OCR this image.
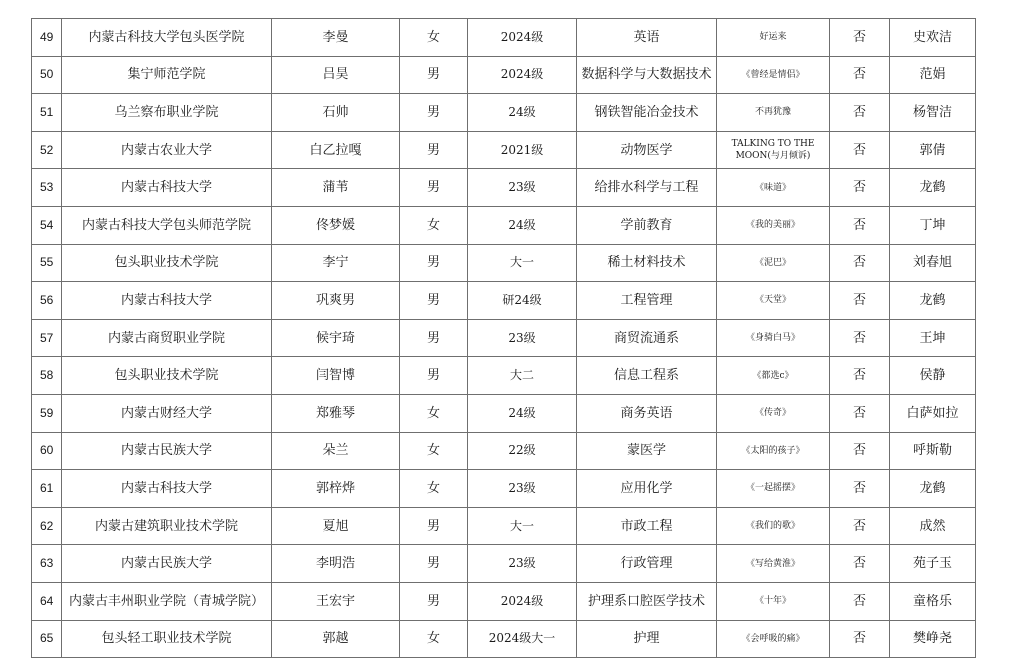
49	内蒙古科技大学包头医学院	李曼	女	2024级	英语	好运来	否	史欢洁
50	集宁师范学院	吕昊	男	2024级	数据科学与大数据技术	《曾经是情侣》	否	范娟
51	乌兰察布职业学院	石帅	男	24级	钢铁智能冶金技术	不再犹豫	否	杨智洁
52	内蒙古农业大学	白乙拉嘎	男	2021级	动物医学	TALKING TO THE MOON(与月倾诉)	否	郭倩
53	内蒙古科技大学	蒲苇	男	23级	给排水科学与工程	《味道》	否	龙鹤
54	内蒙古科技大学包头师范学院	佟梦媛	女	24级	学前教育	《我的美丽》	否	丁坤
55	包头职业技术学院	李宁	男	大一	稀土材料技术	《泥巴》	否	刘春旭
56	内蒙古科技大学	巩爽男	男	研24级	工程管理	《天堂》	否	龙鹤
57	内蒙古商贸职业学院	候宇琦	男	23级	商贸流通系	《身骑白马》	否	王坤
58	包头职业技术学院	闫智博	男	大二	信息工程系	《都选c》	否	侯静
59	内蒙古财经大学	郑雅琴	女	24级	商务英语	《传奇》	否	白萨如拉
60	内蒙古民族大学	朵兰	女	22级	蒙医学	《太阳的孩子》	否	呼斯勒
61	内蒙古科技大学	郭梓烨	女	23级	应用化学	《一起摇摆》	否	龙鹤
62	内蒙古建筑职业技术学院	夏旭	男	大一	市政工程	《我们的歌》	否	成然
63	内蒙古民族大学	李明浩	男	23级	行政管理	《写给黄淮》	否	苑子玉
64	内蒙古丰州职业学院（青城学院）	王宏宇	男	2024级	护理系口腔医学技术	《十年》	否	童格乐
65	包头轻工职业技术学院	郭越	女	2024级大一	护理	《会呼吸的痛》	否	樊峥尧
